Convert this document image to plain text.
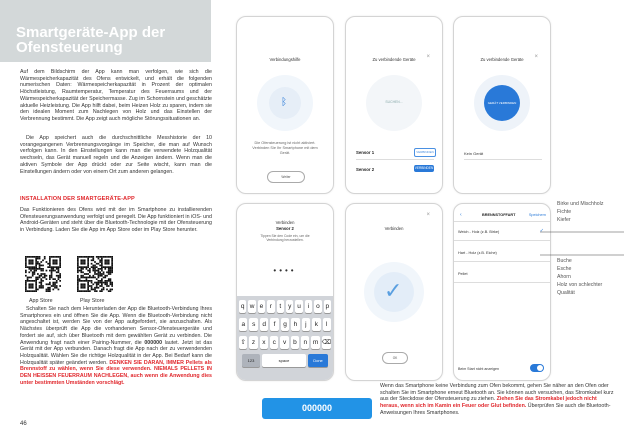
Smartgeräte-App der
Ofensteuerung
Auf dem Bildschirm der App kann man verfolgen, wie sich die Wärmespeicherkapazität des Ofens entwickelt, und erhält die folgenden numerischen Daten: Wärmespeicherkapazität in Prozent der optimalen Höchstleistung, Raumtemperatur, Temperatur des Feuerraums und der Wärmespeicherkapazität der Speichermasse. Zug im Schornstein und geschätzte aktuelle Heizleistung. Die App hilft dabei, beim Heizen Holz zu sparen, indem sie den idealen Moment zum Nachlegen von Holz und das Einstellen der Verbrennung bestimmt. Die App zeigt auch mögliche Störungssituationen an.
Die App speichert auch die durchschnittliche Messhistorie der 10 vorangegangenen Verbrennungsvorgänge im Speicher, die man auf Wunsch verfolgen kann. In den Einstellungen kann man die verwendete Holzqualität wechseln, das Gerät manuell regeln und die Anzeigen ändern. Wenn man die aktiven Symbole der App drückt oder zur Seite wischt, kann man die Einstellungen ändern oder von einem Ort zum anderen gelangen.
INSTALLATION DER SMARTGERÄTE-APP
Das Funktionieren des Ofens wird mit der im Smartphone zu installierenden Ofensteuerungsanwendung verfolgt und geregelt. Die App funktioniert in iOS- und Android-Geräten und steht über die Bluetooth-Technologie mit der Ofensteuerung in Verbindung. Laden Sie die App im App Store oder im Play Store herunter.
App Store	Play Store
Schalten Sie nach dem Herunterladen der App die Bluetooth-Verbindung Ihres Smartphones ein und öffnen Sie die App. Wenn die Bluetooth-Verbindung nicht angeschaltet ist, werden Sie von der App aufgefordert, sie anzuschalten. Als Nächstes überprüft die App die vorhandenen Sensor-Ofensteuergeräte und fordert sie auf, sich über Bluetooth mit dem gewählten Gerät zu verbinden. Die Anwendung fragt nach einer Pairing-Nummer, die 000000 lautet. Jetzt ist das Gerät mit der App verbunden. Danach fragt die App nach der zu verwendenden Holzqualität. Wählen Sie die richtige Holzqualität in der App. Bei Bedarf kann die Holzqualität später geändert werden. DENKEN SIE DARAN, IMMER Pellets als Brennstoff zu wählen, wenn Sie diese verwenden. NIEMALS PELLETS IN DEN HEISSEN FEUERRAUM NACHLEGEN, auch wenn die Anwendung dies unter bestimmten Umständen vorschlägt.
46
Verbindungshilfe
ᛒ
Die Ofensteuerung ist nicht aktiviert. Verbinden Sie Ihr Smartphone mit dem Gerät.
Weiter
Zu verbindende Geräte	×
SUCHEN...
Sensor 1	VERBINDEN
Sensor 2	VERBINDEN
Zu verbindende Geräte	×
GERÄT VERBINDEN
Kein Gerät
Verbinden
Sensor 2
Tippen Sie den Code ein, um die Verbindung herzustellen.
••••
q w e	r	t	y u	i	o p
a	s	d	f	g	h	j	k	l
⇧ z	x	c	v	b	n m ⌫
123	space	Done
Verbinden
×
✓
OK
‹	BRENNSTOFFART	Speichern
Weich - Holz (z.B. Birke)	✓
Hart - Holz (z.B. Eiche)
Pellet
Beim Start nicht anzeigen
Birke und Mischholz
Fichte
Kiefer
Buche
Esche
Ahorn
Holz von schlechter
Qualität
000000
Wenn das Smartphone keine Verbindung zum Ofen bekommt, gehen Sie näher an den Ofen oder schalten Sie im Smartphone erneut Bluetooth an. Sie können auch versuchen, das Stromkabel kurz aus der Steckdose der Ofensteuerung zu ziehen. Ziehen Sie das Stromkabel jedoch nicht heraus, wenn sich im Kamin ein Feuer oder Glut befinden. Überprüfen Sie auch die Bluetooth-Anweisungen Ihres Smartphones.
